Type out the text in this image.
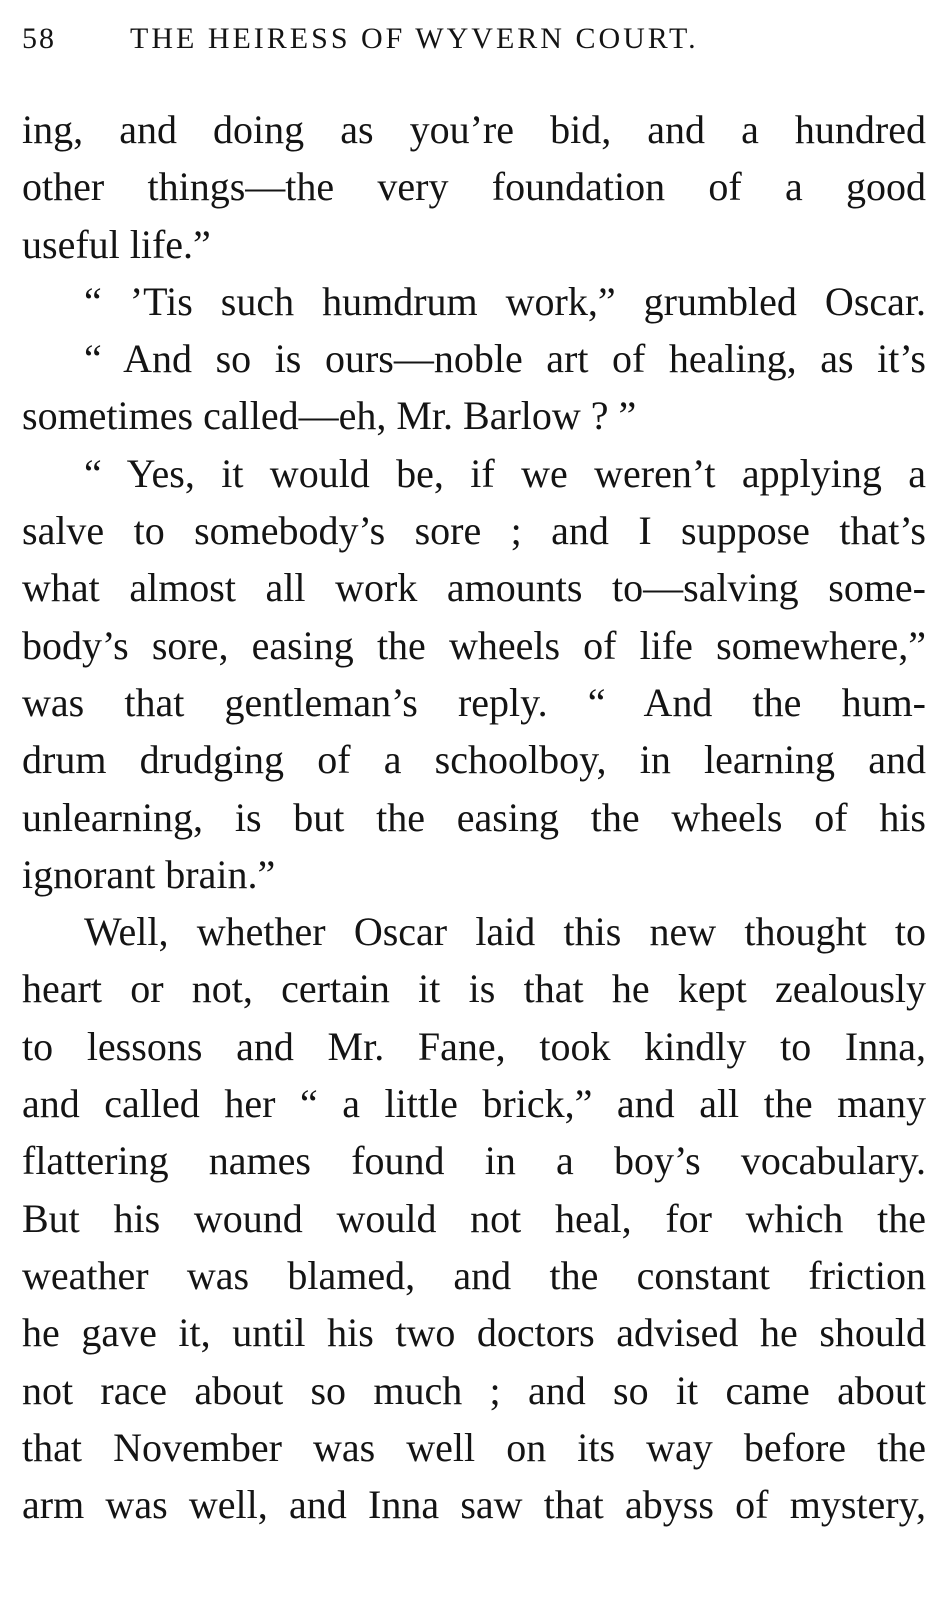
58 THE HEIRESS OF WYVERN COURT.
ing, and doing as you’re bid, and a hundred
other things—the very foundation of a good
useful life.”
“ ’Tis such humdrum work,” grumbled Oscar.
“ And so is ours—noble art of healing, as it’s
sometimes called—eh, Mr. Barlow ? ”
“ Yes, it would be, if we weren’t applying a
salve to somebody’s sore ; and I suppose that’s
what almost all work amounts to—salving some-
body’s sore, easing the wheels of life somewhere,”
was that gentleman’s reply. “ And the hum-
drum drudging of a schoolboy, in learning and
unlearning, is but the easing the wheels of his
ignorant brain.”
Well, whether Oscar laid this new thought to
heart or not, certain it is that he kept zealously
to lessons and Mr. Fane, took kindly to Inna,
and called her “ a little brick,” and all the many
flattering names found in a boy’s vocabulary.
But his wound would not heal, for which the
weather was blamed, and the constant friction
he gave it, until his two doctors advised he should
not race about so much ; and so it came about
that November was well on its way before the
arm was well, and Inna saw that abyss of mystery,
